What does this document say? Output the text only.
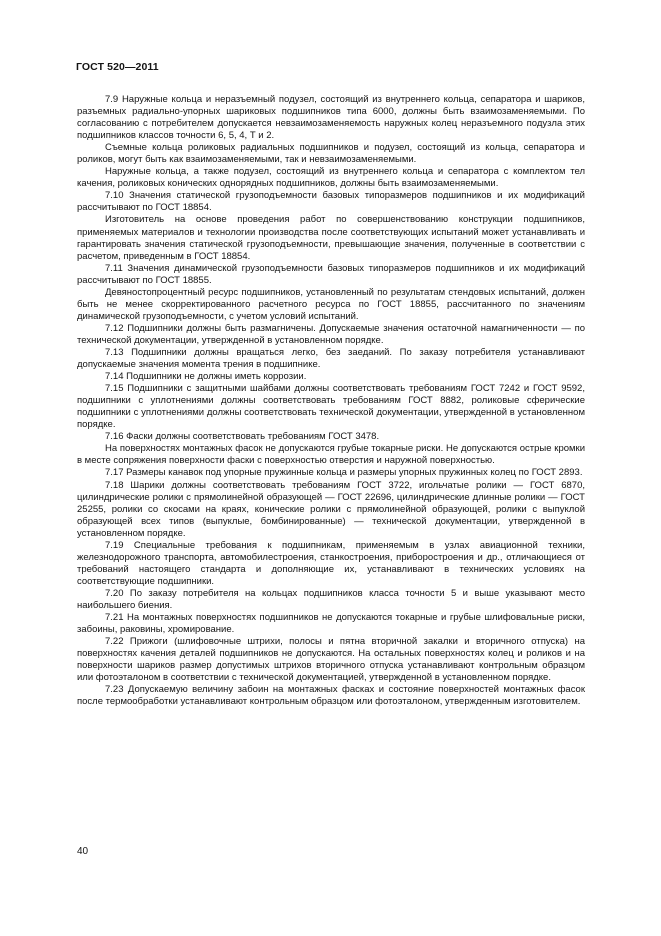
ГОСТ 520—2011

7.9 Наружные кольца и неразъемный подузел, состоящий из внутреннего кольца, сепаратора и шариков, разъемных радиально-упорных шариковых подшипников типа 6000, должны быть взаимозаменяемыми. По согласованию с потребителем допускается невзаимозаменяемость наружных колец неразъемного подузла этих подшипников классов точности 6, 5, 4, Т и 2.

Съемные кольца роликовых радиальных подшипников и подузел, состоящий из кольца, сепаратора и роликов, могут быть как взаимозаменяемыми, так и невзаимозаменяемыми.

Наружные кольца, а также подузел, состоящий из внутреннего кольца и сепаратора с комплектом тел качения, роликовых конических однорядных подшипников, должны быть взаимозаменяемыми.

7.10 Значения статической грузоподъемности базовых типоразмеров подшипников и их модификаций рассчитывают по ГОСТ 18854.

Изготовитель на основе проведения работ по совершенствованию конструкции подшипников, применяемых материалов и технологии производства после соответствующих испытаний может устанавливать и гарантировать значения статической грузоподъемности, превышающие значения, полученные в соответствии с расчетом, приведенным в ГОСТ 18854.

7.11 Значения динамической грузоподъемности базовых типоразмеров подшипников и их модификаций рассчитывают по ГОСТ 18855.

Девяностопроцентный ресурс подшипников, установленный по результатам стендовых испытаний, должен быть не менее скорректированного расчетного ресурса по ГОСТ 18855, рассчитанного по значениям динамической грузоподъемности, с учетом условий испытаний.

7.12 Подшипники должны быть размагничены. Допускаемые значения остаточной намагниченности — по технической документации, утвержденной в установленном порядке.

7.13 Подшипники должны вращаться легко, без заеданий. По заказу потребителя устанавливают допускаемые значения момента трения в подшипнике.

7.14 Подшипники не должны иметь коррозии.

7.15 Подшипники с защитными шайбами должны соответствовать требованиям ГОСТ 7242 и ГОСТ 9592, подшипники с уплотнениями должны соответствовать требованиям ГОСТ 8882, роликовые сферические подшипники с уплотнениями должны соответствовать технической документации, утвержденной в установленном порядке.

7.16 Фаски должны соответствовать требованиям ГОСТ 3478.

На поверхностях монтажных фасок не допускаются грубые токарные риски. Не допускаются острые кромки в месте сопряжения поверхности фаски с поверхностью отверстия и наружной поверхностью.

7.17 Размеры канавок под упорные пружинные кольца и размеры упорных пружинных колец по ГОСТ 2893.

7.18 Шарики должны соответствовать требованиям ГОСТ 3722, игольчатые ролики — ГОСТ 6870, цилиндрические ролики с прямолинейной образующей — ГОСТ 22696, цилиндрические длинные ролики — ГОСТ 25255, ролики со скосами на краях, конические ролики с прямолинейной образующей, ролики с выпуклой образующей всех типов (выпуклые, бомбинированные) — технической документации, утвержденной в установленном порядке.

7.19 Специальные требования к подшипникам, применяемым в узлах авиационной техники, железнодорожного транспорта, автомобилестроения, станкостроения, приборостроения и др., отличающиеся от требований настоящего стандарта и дополняющие их, устанавливают в технических условиях на соответствующие подшипники.

7.20 По заказу потребителя на кольцах подшипников класса точности 5 и выше указывают место наибольшего биения.

7.21 На монтажных поверхностях подшипников не допускаются токарные и грубые шлифовальные риски, забоины, раковины, хромирование.

7.22 Прижоги (шлифовочные штрихи, полосы и пятна вторичной закалки и вторичного отпуска) на поверхностях качения деталей подшипников не допускаются. На остальных поверхностях колец и роликов и на поверхности шариков размер допустимых штрихов вторичного отпуска устанавливают контрольным образцом или фотоэталоном в соответствии с технической документацией, утвержденной в установленном порядке.

7.23 Допускаемую величину забоин на монтажных фасках и состояние поверхностей монтажных фасок после термообработки устанавливают контрольным образцом или фотоэталоном, утвержденным изготовителем.

40
